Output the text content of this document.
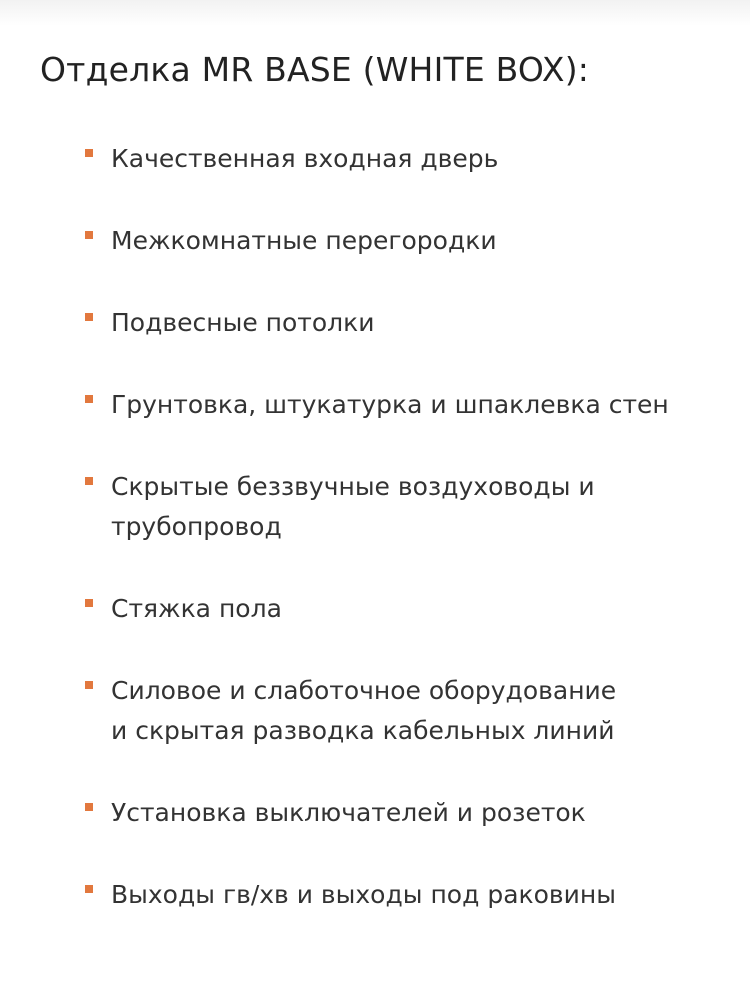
Отделка MR BASE (WHITE BOX):
Качественная входная дверь
Межкомнатные перегородки
Подвесные потолки
Грунтовка, штукатурка и шпаклевка стен
Скрытые беззвучные воздуховоды и
трубопровод
Стяжка пола
Силовое и слаботочное оборудование
и скрытая разводка кабельных линий
Установка выключателей и розеток
Выходы гв/хв и выходы под раковины
